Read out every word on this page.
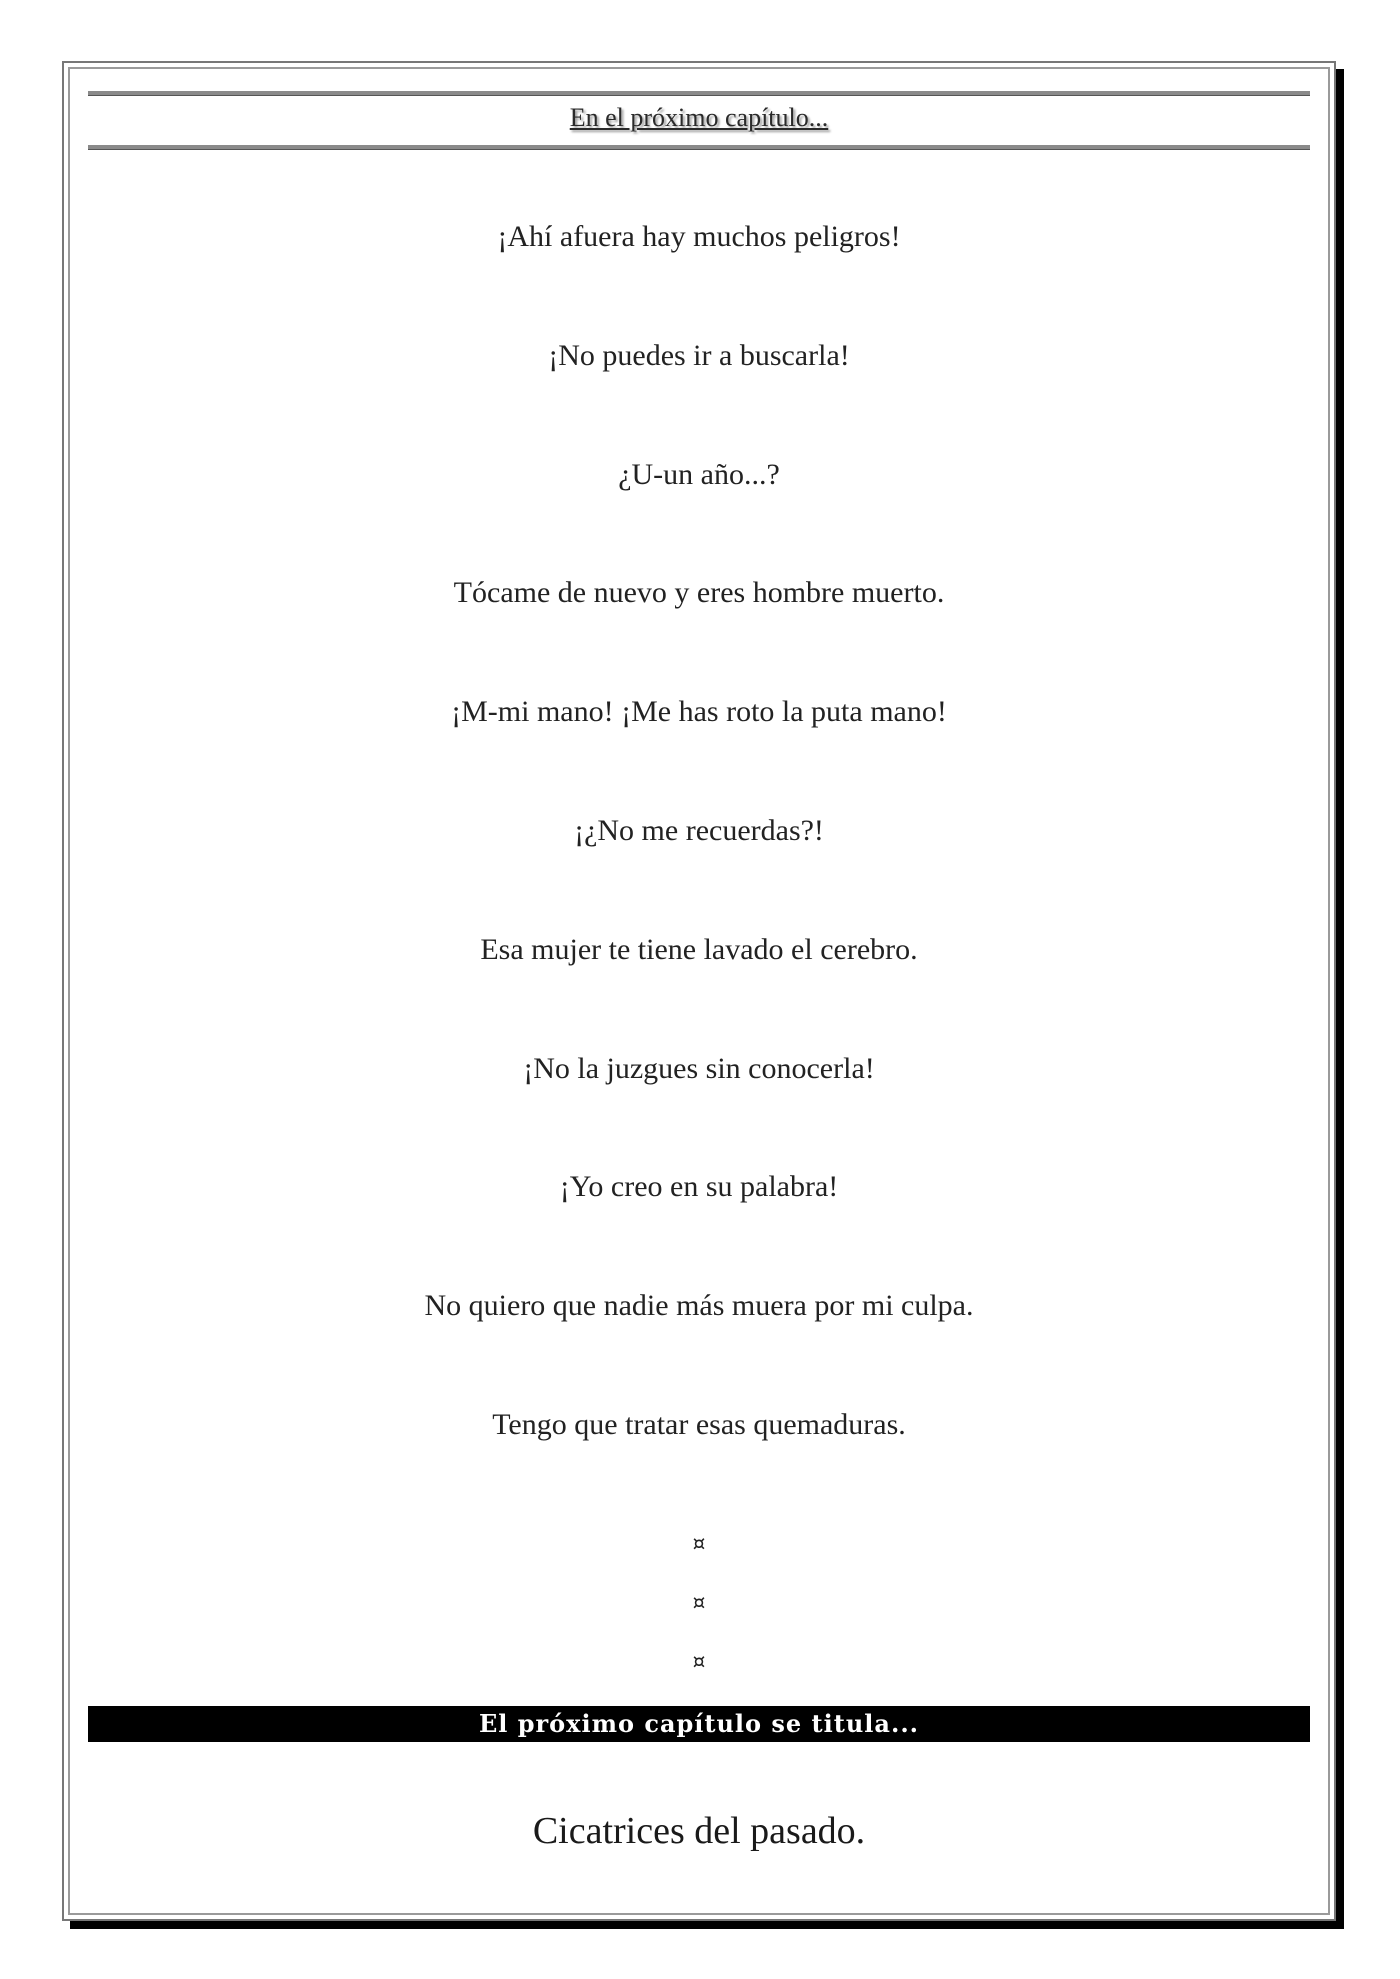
En el próximo capítulo...
¡Ahí afuera hay muchos peligros!
¡No puedes ir a buscarla!
¿U-un año...?
Tócame de nuevo y eres hombre muerto.
¡M-mi mano! ¡Me has roto la puta mano!
¡¿No me recuerdas?!
Esa mujer te tiene lavado el cerebro.
¡No la juzgues sin conocerla!
¡Yo creo en su palabra!
No quiero que nadie más muera por mi culpa.
Tengo que tratar esas quemaduras.
¤
¤
¤
El próximo capítulo se titula...
Cicatrices del pasado.
